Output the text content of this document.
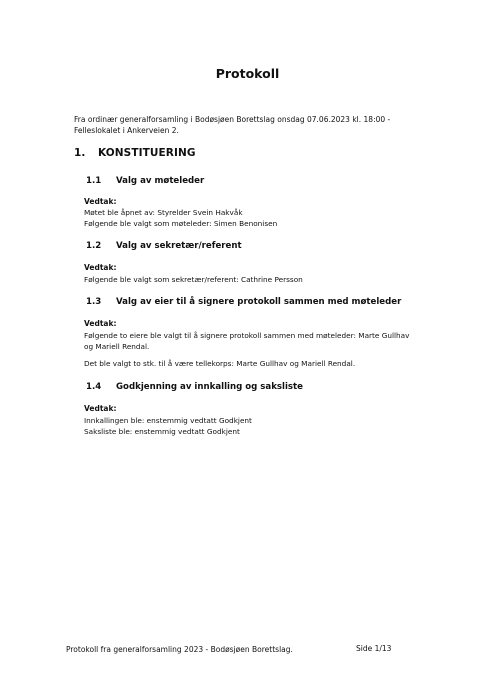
Protokoll
Fra ordinær generalforsamling i Bodøsjøen Borettslag onsdag 07.06.2023 kl. 18:00 -
Felleslokalet i Ankerveien 2.
1. KONSTITUERING
1.1 Valg av møteleder
Vedtak:
Møtet ble åpnet av: Styrelder Svein Hakvåk
Følgende ble valgt som møteleder: Simen Benonisen
1.2 Valg av sekretær/referent
Vedtak:
Følgende ble valgt som sekretær/referent: Cathrine Persson
1.3 Valg av eier til å signere protokoll sammen med møteleder
Vedtak:
Følgende to eiere ble valgt til å signere protokoll sammen med møteleder: Marte Gullhav
og Mariell Rendal.
Det ble valgt to stk. til å være tellekorps: Marte Gullhav og Mariell Rendal.
1.4 Godkjenning av innkalling og saksliste
Vedtak:
Innkallingen ble: enstemmig vedtatt Godkjent
Saksliste ble: enstemmig vedtatt Godkjent
Protokoll fra generalforsamling 2023 - Bodøsjøen Borettslag.	Side 1/13
